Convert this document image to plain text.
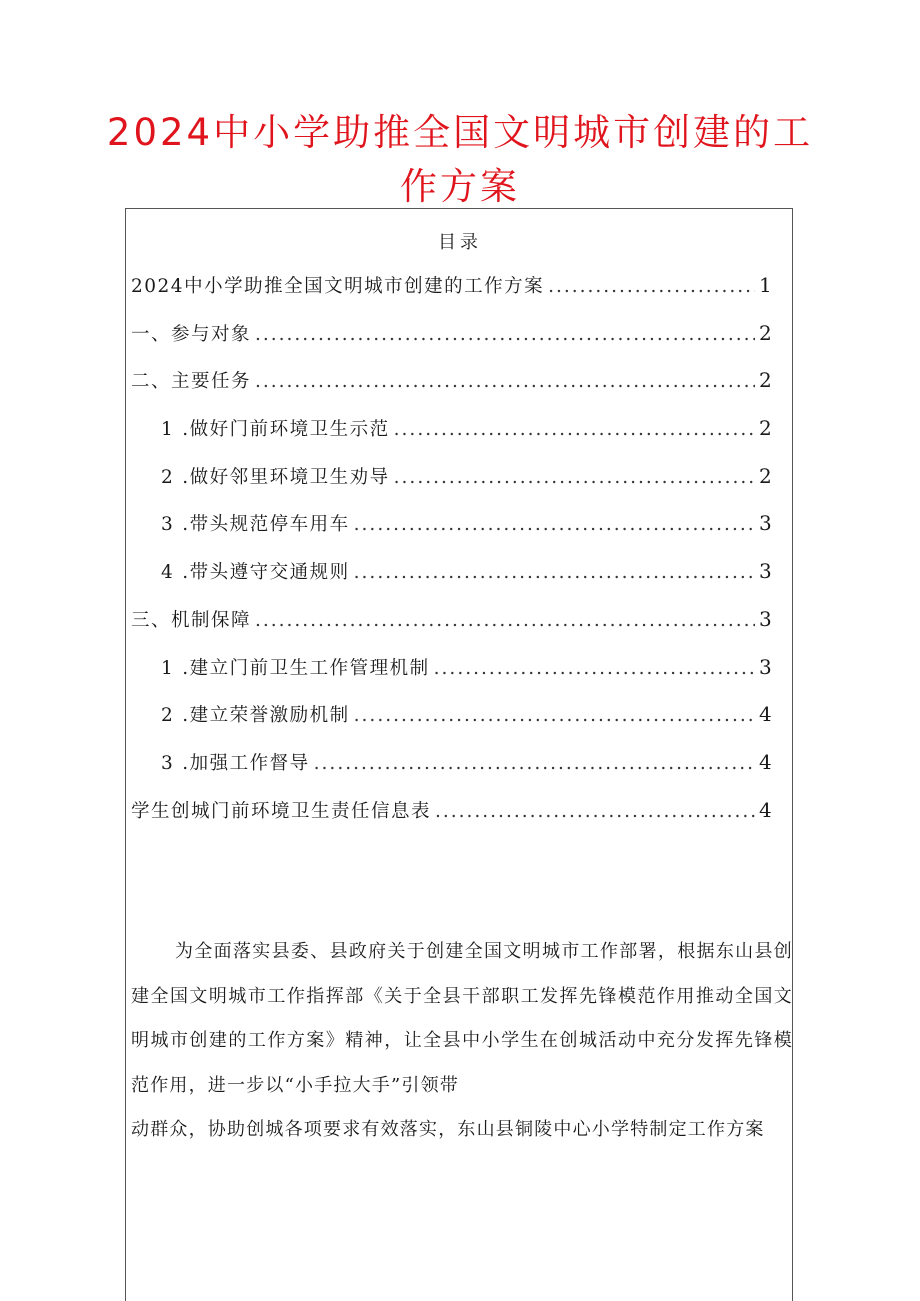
2024中小学助推全国文明城市创建的工作方案
目录
2024中小学助推全国文明城市创建的工作方案 .....	1
一、参与对象 .....	2
二、主要任务 .....	2
1 .做好门前环境卫生示范 .....	2
2 .做好邻里环境卫生劝导 .....	2
3 .带头规范停车用车 .....	3
4 .带头遵守交通规则 .....	3
三、机制保障 .....	3
1 .建立门前卫生工作管理机制 .....	3
2 .建立荣誉激励机制 .....	4
3 .加强工作督导 .....	4
学生创城门前环境卫生责任信息表 .....	4

为全面落实县委、县政府关于创建全国文明城市工作部署，根据东山县创建全国文明城市工作指挥部《关于全县干部职工发挥先锋模范作用推动全国文明城市创建的工作方案》精神，让全县中小学生在创城活动中充分发挥先锋模范作用，进一步以“小手拉大手”引领带

动群众，协助创城各项要求有效落实，东山县铜陵中心小学特制定工作方案
